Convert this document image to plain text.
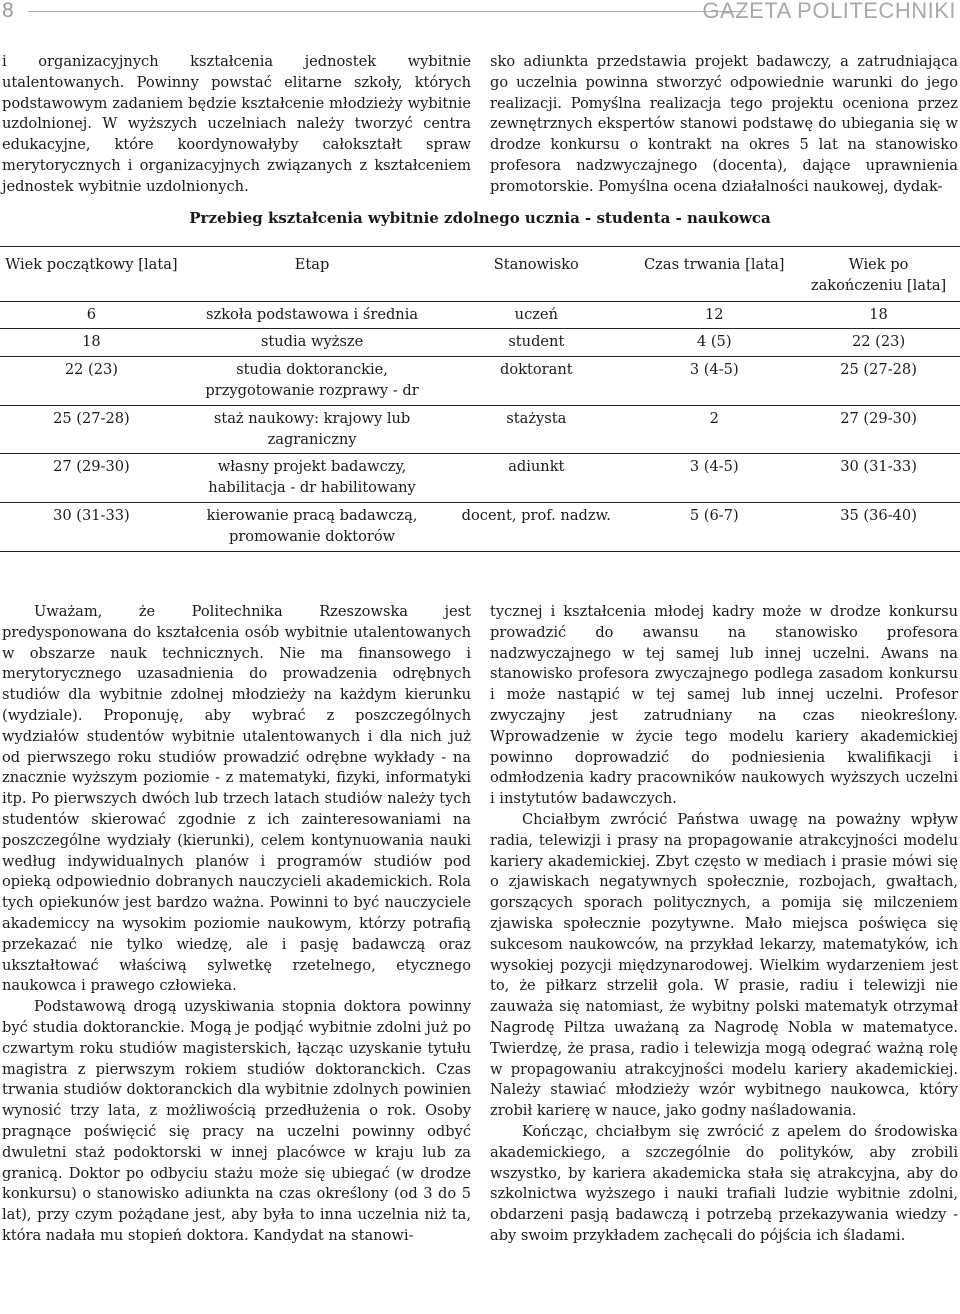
8	GAZETA POLITECHNIKI

i organizacyjnych kształcenia jednostek wybitnie utalentowanych. Powinny powstać elitarne szkoły, których podstawowym zadaniem będzie kształcenie młodzieży wybitnie uzdolnionej. W wyższych uczelniach należy tworzyć centra edukacyjne, które koordynowałyby całokształt spraw merytorycznych i organizacyjnych związanych z kształceniem jednostek wybitnie uzdolnionych.

sko adiunkta przedstawia projekt badawczy, a zatrudniająca go uczelnia powinna stworzyć odpowiednie warunki do jego realizacji. Pomyślna realizacja tego projektu oceniona przez zewnętrznych ekspertów stanowi podstawę do ubiegania się w drodze konkursu o kontrakt na okres 5 lat na stanowisko profesora nadzwyczajnego (docenta), dające uprawnienia promotorskie. Pomyślna ocena działalności naukowej, dydak-

Przebieg kształcenia wybitnie zdolnego ucznia - studenta - naukowca
Wiek początkowy [lata]	Etap	Stanowisko	Czas trwania [lata]	Wiek po zakończeniu [lata]
6	szkoła podstawowa i średnia	uczeń	12	18
18	studia wyższe	student	4 (5)	22 (23)
22 (23)	studia doktoranckie, przygotowanie rozprawy - dr	doktorant	3 (4-5)	25 (27-28)
25 (27-28)	staż naukowy: krajowy lub zagraniczny	stażysta	2	27 (29-30)
27 (29-30)	własny projekt badawczy, habilitacja - dr habilitowany	adiunkt	3 (4-5)	30 (31-33)
30 (31-33)	kierowanie pracą badawczą, promowanie doktorów	docent, prof. nadzw.	5 (6-7)	35 (36-40)

Uważam, że Politechnika Rzeszowska jest predysponowana do kształcenia osób wybitnie utalentowanych w obszarze nauk technicznych. Nie ma finansowego i merytorycznego uzasadnienia do prowadzenia odrębnych studiów dla wybitnie zdolnej młodzieży na każdym kierunku (wydziale). Proponuję, aby wybrać z poszczególnych wydziałów studentów wybitnie utalentowanych i dla nich już od pierwszego roku studiów prowadzić odrębne wykłady - na znacznie wyższym poziomie - z matematyki, fizyki, informatyki itp. Po pierwszych dwóch lub trzech latach studiów należy tych studentów skierować zgodnie z ich zainteresowaniami na poszczególne wydziały (kierunki), celem kontynuowania nauki według indywidualnych planów i programów studiów pod opieką odpowiednio dobranych nauczycieli akademickich. Rola tych opiekunów jest bardzo ważna. Powinni to być nauczyciele akademiccy na wysokim poziomie naukowym, którzy potrafią przekazać nie tylko wiedzę, ale i pasję badawczą oraz ukształtować właściwą sylwetkę rzetelnego, etycznego naukowca i prawego człowieka.

Podstawową drogą uzyskiwania stopnia doktora powinny być studia doktoranckie. Mogą je podjąć wybitnie zdolni już po czwartym roku studiów magisterskich, łącząc uzyskanie tytułu magistra z pierwszym rokiem studiów doktoranckich. Czas trwania studiów doktoranckich dla wybitnie zdolnych powinien wynosić trzy lata, z możliwością przedłużenia o rok. Osoby pragnące poświęcić się pracy na uczelni powinny odbyć dwuletni staż podoktorski w innej placówce w kraju lub za granicą. Doktor po odbyciu stażu może się ubiegać (w drodze konkursu) o stanowisko adiunkta na czas określony (od 3 do 5 lat), przy czym pożądane jest, aby była to inna uczelnia niż ta, która nadała mu stopień doktora. Kandydat na stanowi-

tycznej i kształcenia młodej kadry może w drodze konkursu prowadzić do awansu na stanowisko profesora nadzwyczajnego w tej samej lub innej uczelni. Awans na stanowisko profesora zwyczajnego podlega zasadom konkursu i może nastąpić w tej samej lub innej uczelni. Profesor zwyczajny jest zatrudniany na czas nieokreślony. Wprowadzenie w życie tego modelu kariery akademickiej powinno doprowadzić do podniesienia kwalifikacji i odmłodzenia kadry pracowników naukowych wyższych uczelni i instytutów badawczych.

Chciałbym zwrócić Państwa uwagę na poważny wpływ radia, telewizji i prasy na propagowanie atrakcyjności modelu kariery akademickiej. Zbyt często w mediach i prasie mówi się o zjawiskach negatywnych społecznie, rozbojach, gwałtach, gorszących sporach politycznych, a pomija się milczeniem zjawiska społecznie pozytywne. Mało miejsca poświęca się sukcesom naukowców, na przykład lekarzy, matematyków, ich wysokiej pozycji międzynarodowej. Wielkim wydarzeniem jest to, że piłkarz strzelił gola. W prasie, radiu i telewizji nie zauważa się natomiast, że wybitny polski matematyk otrzymał Nagrodę Piltza uważaną za Nagrodę Nobla w matematyce. Twierdzę, że prasa, radio i telewizja mogą odegrać ważną rolę w propagowaniu atrakcyjności modelu kariery akademickiej. Należy stawiać młodzieży wzór wybitnego naukowca, który zrobił karierę w nauce, jako godny naśladowania.

Kończąc, chciałbym się zwrócić z apelem do środowiska akademickiego, a szczególnie do polityków, aby zrobili wszystko, by kariera akademicka stała się atrakcyjna, aby do szkolnictwa wyższego i nauki trafiali ludzie wybitnie zdolni, obdarzeni pasją badawczą i potrzebą przekazywania wiedzy - aby swoim przykładem zachęcali do pójścia ich śladami.
